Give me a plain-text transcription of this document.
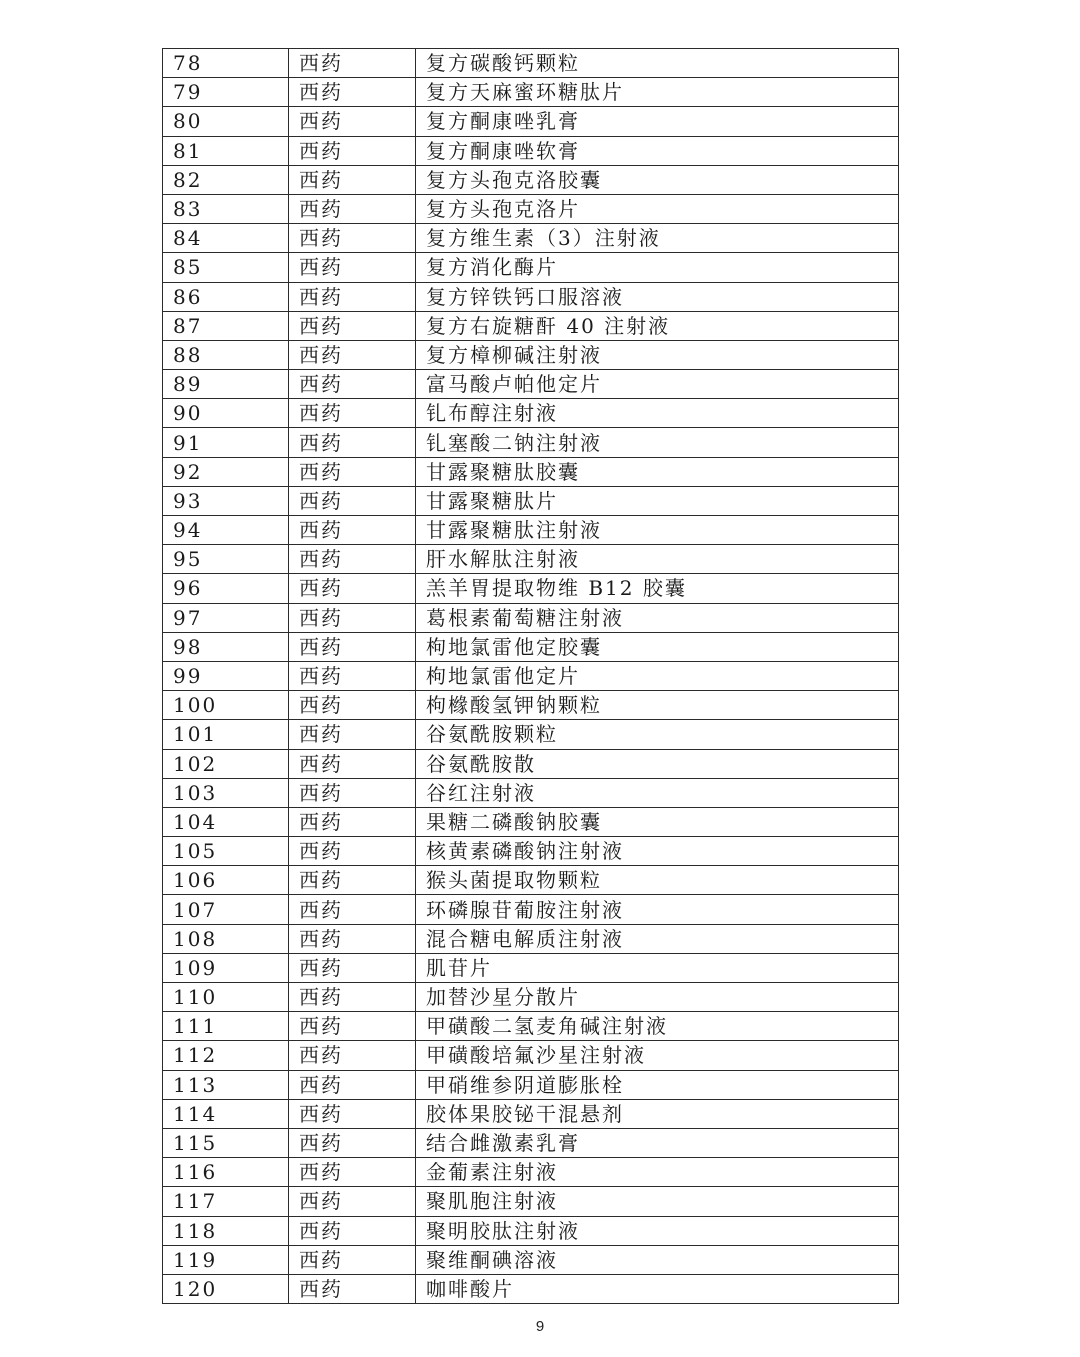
78	西药	复方碳酸钙颗粒
79	西药	复方天麻蜜环糖肽片
80	西药	复方酮康唑乳膏
81	西药	复方酮康唑软膏
82	西药	复方头孢克洛胶囊
83	西药	复方头孢克洛片
84	西药	复方维生素（3）注射液
85	西药	复方消化酶片
86	西药	复方锌铁钙口服溶液
87	西药	复方右旋糖酐 40 注射液
88	西药	复方樟柳碱注射液
89	西药	富马酸卢帕他定片
90	西药	钆布醇注射液
91	西药	钆塞酸二钠注射液
92	西药	甘露聚糖肽胶囊
93	西药	甘露聚糖肽片
94	西药	甘露聚糖肽注射液
95	西药	肝水解肽注射液
96	西药	羔羊胃提取物维 B12 胶囊
97	西药	葛根素葡萄糖注射液
98	西药	枸地氯雷他定胶囊
99	西药	枸地氯雷他定片
100	西药	枸橼酸氢钾钠颗粒
101	西药	谷氨酰胺颗粒
102	西药	谷氨酰胺散
103	西药	谷红注射液
104	西药	果糖二磷酸钠胶囊
105	西药	核黄素磷酸钠注射液
106	西药	猴头菌提取物颗粒
107	西药	环磷腺苷葡胺注射液
108	西药	混合糖电解质注射液
109	西药	肌苷片
110	西药	加替沙星分散片
111	西药	甲磺酸二氢麦角碱注射液
112	西药	甲磺酸培氟沙星注射液
113	西药	甲硝维参阴道膨胀栓
114	西药	胶体果胶铋干混悬剂
115	西药	结合雌激素乳膏
116	西药	金葡素注射液
117	西药	聚肌胞注射液
118	西药	聚明胶肽注射液
119	西药	聚维酮碘溶液
120	西药	咖啡酸片
9
